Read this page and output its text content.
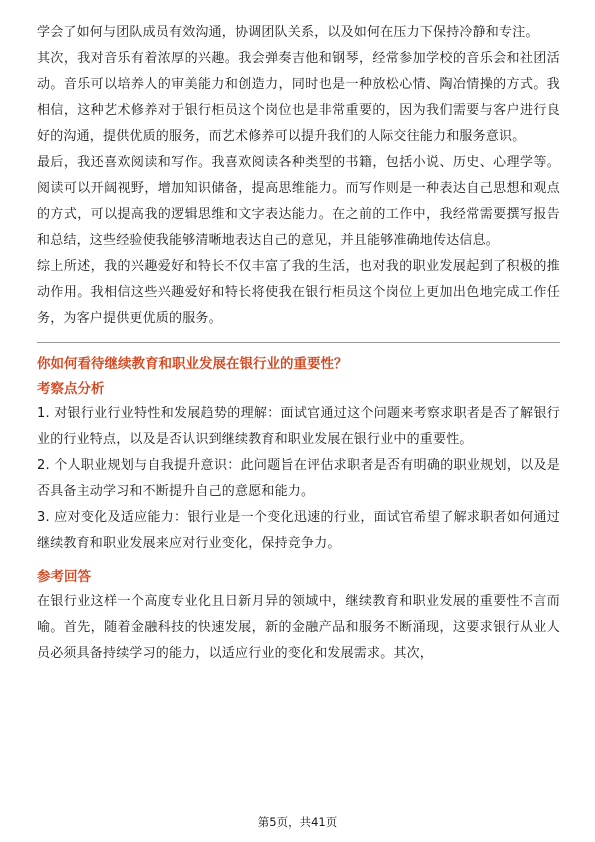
学会了如何与团队成员有效沟通，协调团队关系，以及如何在压力下保持冷静和专注。

其次，我对音乐有着浓厚的兴趣。我会弹奏吉他和钢琴，经常参加学校的音乐会和社团活动。音乐可以培养人的审美能力和创造力，同时也是一种放松心情、陶冶情操的方式。我相信，这种艺术修养对于银行柜员这个岗位也是非常重要的，因为我们需要与客户进行良好的沟通，提供优质的服务，而艺术修养可以提升我们的人际交往能力和服务意识。

最后，我还喜欢阅读和写作。我喜欢阅读各种类型的书籍，包括小说、历史、心理学等。阅读可以开阔视野，增加知识储备，提高思维能力。而写作则是一种表达自己思想和观点的方式，可以提高我的逻辑思维和文字表达能力。在之前的工作中，我经常需要撰写报告和总结，这些经验使我能够清晰地表达自己的意见，并且能够准确地传达信息。

综上所述，我的兴趣爱好和特长不仅丰富了我的生活，也对我的职业发展起到了积极的推动作用。我相信这些兴趣爱好和特长将使我在银行柜员这个岗位上更加出色地完成工作任务，为客户提供更优质的服务。

你如何看待继续教育和职业发展在银行业的重要性？

考察点分析

1. 对银行业行业特性和发展趋势的理解：面试官通过这个问题来考察求职者是否了解银行业的行业特点，以及是否认识到继续教育和职业发展在银行业中的重要性。

2. 个人职业规划与自我提升意识：此问题旨在评估求职者是否有明确的职业规划，以及是否具备主动学习和不断提升自己的意愿和能力。

3. 应对变化及适应能力：银行业是一个变化迅速的行业，面试官希望了解求职者如何通过继续教育和职业发展来应对行业变化，保持竞争力。

参考回答

在银行业这样一个高度专业化且日新月异的领域中，继续教育和职业发展的重要性不言而喻。首先，随着金融科技的快速发展，新的金融产品和服务不断涌现，这要求银行从业人员必须具备持续学习的能力，以适应行业的变化和发展需求。其次，

第5页，共41页
